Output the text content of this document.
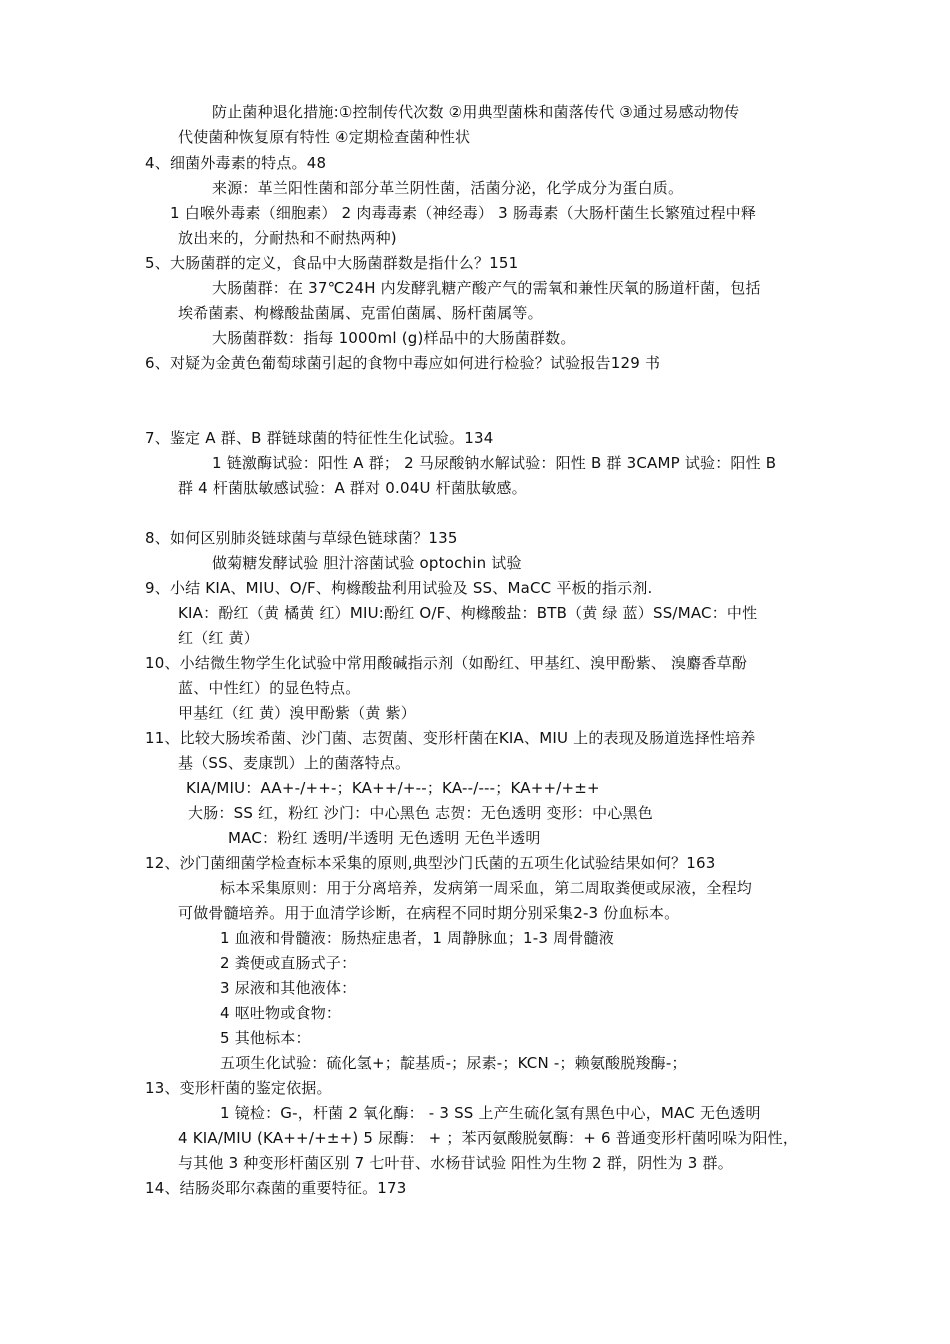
防止菌种退化措施:①控制传代次数 ②用典型菌株和菌落传代 ③通过易感动物传
代使菌种恢复原有特性 ④定期检查菌种性状
4、细菌外毒素的特点。48
来源：革兰阳性菌和部分革兰阴性菌，活菌分泌，化学成分为蛋白质。
1 白喉外毒素（细胞素） 2 肉毒毒素（神经毒） 3 肠毒素（大肠杆菌生长繁殖过程中释
放出来的，分耐热和不耐热两种)
5、大肠菌群的定义，食品中大肠菌群数是指什么？151
大肠菌群：在 37℃24H 内发酵乳糖产酸产气的需氧和兼性厌氧的肠道杆菌，包括
埃希菌素、枸橼酸盐菌属、克雷伯菌属、肠杆菌属等。
大肠菌群数：指每 1000ml (g)样品中的大肠菌群数。
6、对疑为金黄色葡萄球菌引起的食物中毒应如何进行检验？试验报告129 书
7、鉴定 A 群、B 群链球菌的特征性生化试验。134
1 链激酶试验：阳性 A 群； 2 马尿酸钠水解试验：阳性 B 群 3CAMP 试验：阳性 B
群 4 杆菌肽敏感试验：A 群对 0.04U 杆菌肽敏感。
8、如何区别肺炎链球菌与草绿色链球菌？135
做菊糖发酵试验 胆汁溶菌试验 optochin 试验
9、小结 KIA、MIU、O/F、枸橼酸盐利用试验及 SS、MaCC 平板的指示剂.
KIA：酚红（黄 橘黄 红）MIU:酚红 O/F、枸橼酸盐：BTB（黄 绿 蓝）SS/MAC：中性
红（红 黄）
10、小结微生物学生化试验中常用酸碱指示剂（如酚红、甲基红、溴甲酚紫、 溴麝香草酚
蓝、中性红）的显色特点。
甲基红（红 黄）溴甲酚紫（黄 紫）
11、比较大肠埃希菌、沙门菌、志贺菌、变形杆菌在KIA、MIU 上的表现及肠道选择性培养
基（SS、麦康凯）上的菌落特点。
KIA/MIU：AA+-/++-；KA++/+--；KA--/---；KA++/+±+
大肠：SS 红，粉红 沙门：中心黑色 志贺：无色透明 变形：中心黑色
MAC：粉红 透明/半透明 无色透明 无色半透明
12、沙门菌细菌学检查标本采集的原则,典型沙门氏菌的五项生化试验结果如何？163
标本采集原则：用于分离培养，发病第一周采血，第二周取粪便或尿液，全程均
可做骨髓培养。用于血清学诊断，在病程不同时期分别采集2-3 份血标本。
1 血液和骨髓液：肠热症患者，1 周静脉血；1-3 周骨髓液
2 粪便或直肠式子：
3 尿液和其他液体：
4 呕吐物或食物：
5 其他标本：
五项生化试验：硫化氢+；靛基质-；尿素-；KCN -；赖氨酸脱羧酶-；
13、变形杆菌的鉴定依据。
1 镜检：G-，杆菌 2 氧化酶： - 3 SS 上产生硫化氢有黑色中心，MAC 无色透明
4 KIA/MIU (KA++/+±+) 5 尿酶： + ；苯丙氨酸脱氨酶：+ 6 普通变形杆菌吲哚为阳性，
与其他 3 种变形杆菌区别 7 七叶苷、水杨苷试验 阳性为生物 2 群，阴性为 3 群。
14、结肠炎耶尔森菌的重要特征。173
